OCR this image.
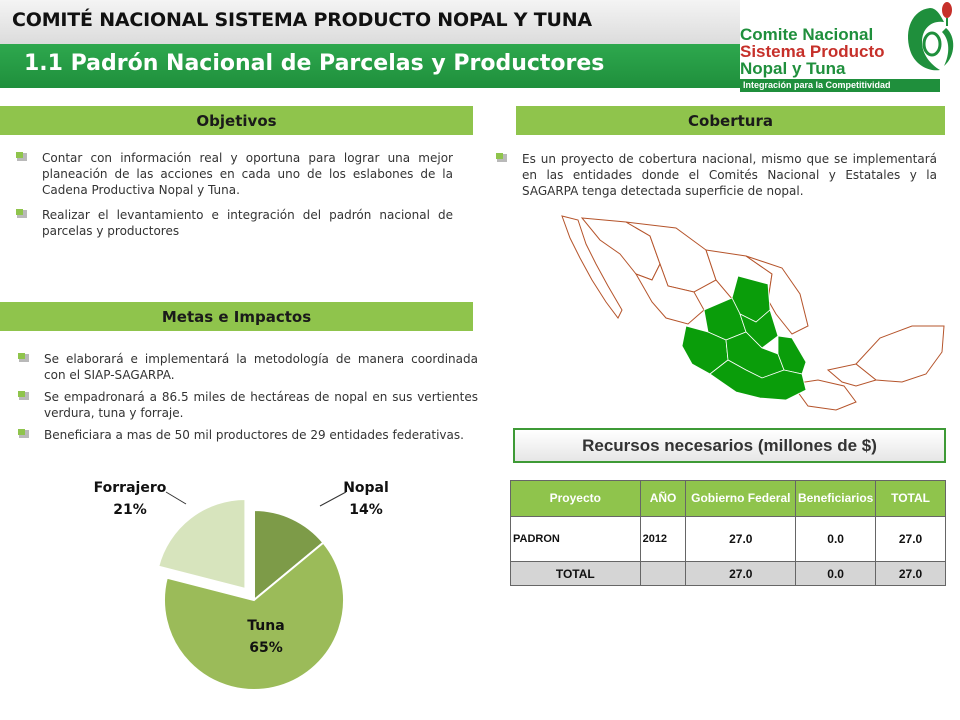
COMITÉ NACIONAL SISTEMA PRODUCTO NOPAL Y TUNA
1.1 Padrón Nacional de Parcelas y Productores
Comite Nacional
Sistema Producto
Nopal y Tuna
Integración para la Competitividad
Objetivos
Contar con información real y oportuna para lograr una mejor planeación de las acciones en cada uno de los eslabones de la Cadena Productiva Nopal y Tuna.
Realizar el levantamiento e integración del padrón nacional de parcelas y productores
Cobertura
Es un proyecto de cobertura nacional, mismo que se implementará en las entidades donde el Comités Nacional y Estatales y la SAGARPA tenga detectada superficie de nopal.
Metas e Impactos
Se elaborará e implementará la metodología de manera coordinada con el SIAP-SAGARPA.
Se empadronará a 86.5 miles de hectáreas de nopal en sus vertientes verdura, tuna y forraje.
Beneficiara a mas de 50 mil productores de 29 entidades federativas.
Nopal
14%
Tuna
65%
Forrajero
21%
Recursos necesarios (millones de $)
Proyecto	AÑO	Gobierno Federal	Beneficiarios	TOTAL
PADRON	2012	27.0	0.0	27.0
TOTAL		27.0	0.0	27.0
